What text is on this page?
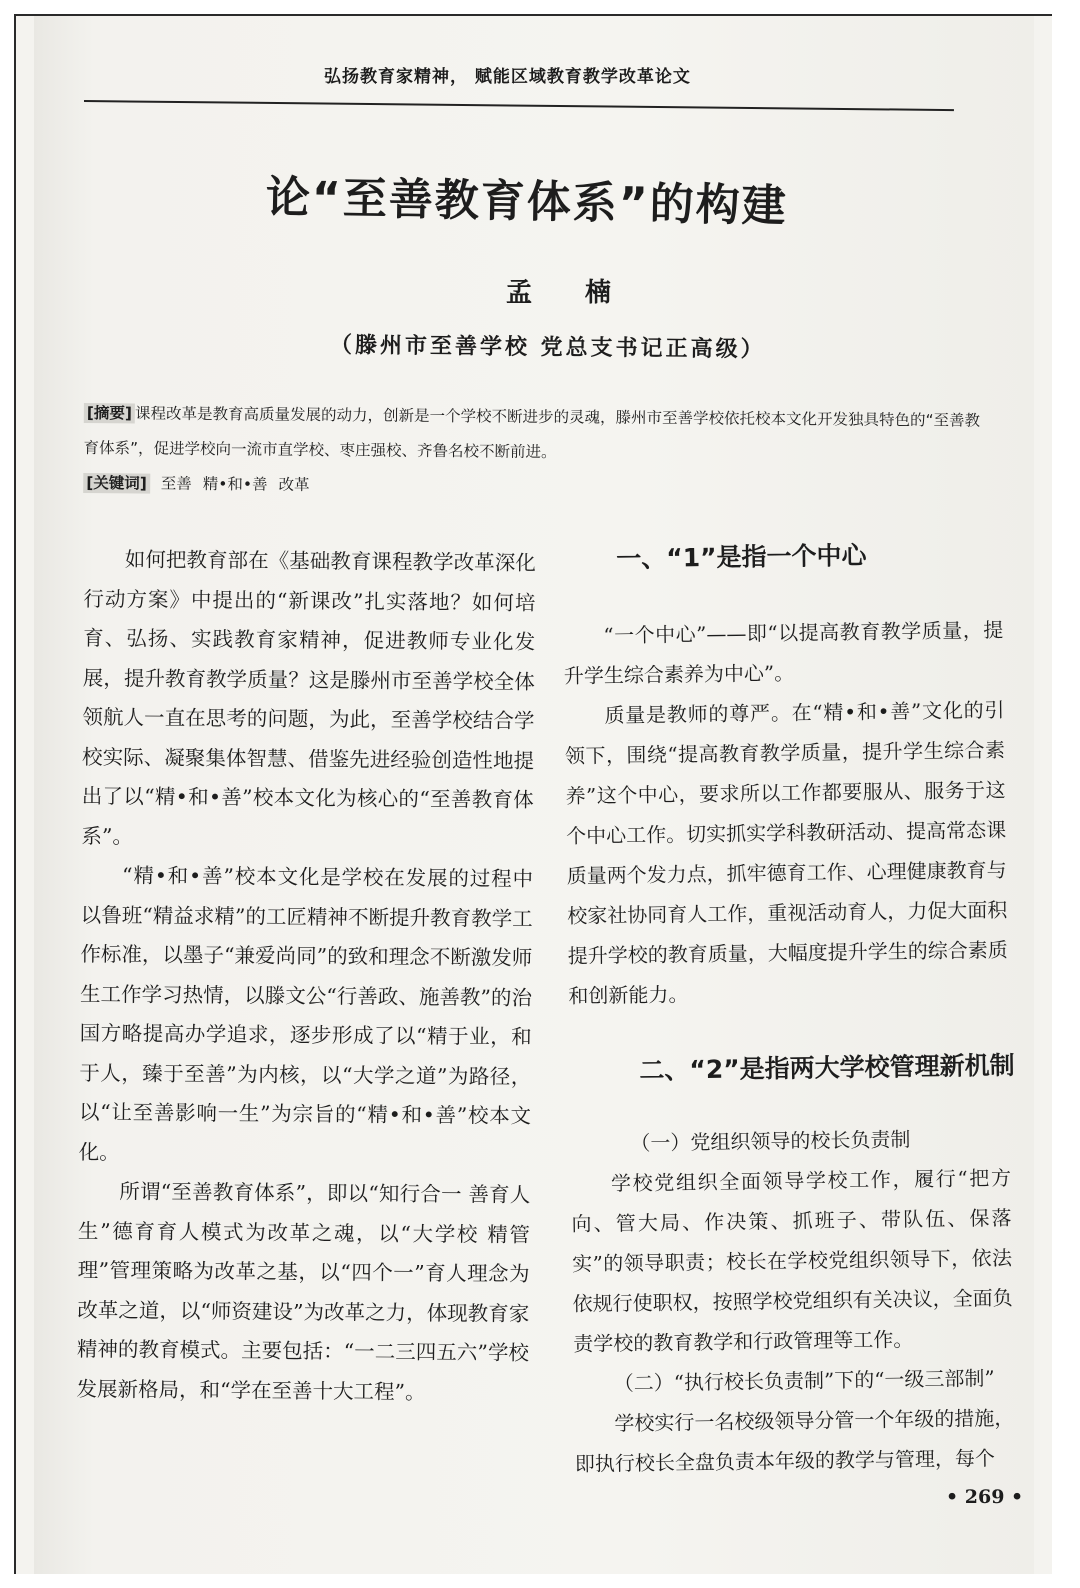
弘扬教育家精神， 赋能区域教育教学改革论文
论“至善教育体系”的构建
孟 楠
（滕州市至善学校 党总支书记正高级）
[摘要] 课程改革是教育高质量发展的动力，创新是一个学校不断进步的灵魂，滕州市至善学校依托校本文化开发独具特色的“至善教育体系”，促进学校向一流市直学校、枣庄强校、齐鲁名校不断前进。
[关键词] 至善 精•和•善 改革

如何把教育部在《基础教育课程教学改革深化行动方案》中提出的“新课改”扎实落地？如何培育、弘扬、实践教育家精神，促进教师专业化发展，提升教育教学质量？这是滕州市至善学校全体领航人一直在思考的问题，为此，至善学校结合学校实际、凝聚集体智慧、借鉴先进经验创造性地提出了以“精•和•善”校本文化为核心的“至善教育体系”。

“精•和•善”校本文化是学校在发展的过程中以鲁班“精益求精”的工匠精神不断提升教育教学工作标准，以墨子“兼爱尚同”的致和理念不断激发师生工作学习热情，以滕文公“行善政、施善教”的治国方略提高办学追求，逐步形成了以“精于业，和于人，臻于至善”为内核，以“大学之道”为路径，以“让至善影响一生”为宗旨的“精•和•善”校本文化。

所谓“至善教育体系”，即以“知行合一 善育人生”德育育人模式为改革之魂，以“大学校 精管理”管理策略为改革之基，以“四个一”育人理念为改革之道，以“师资建设”为改革之力，体现教育家精神的教育模式。主要包括：“一二三四五六”学校发展新格局，和“学在至善十大工程”。

一、“1”是指一个中心

“一个中心”——即“以提高教育教学质量，提升学生综合素养为中心”。

质量是教师的尊严。在“精•和•善”文化的引领下，围绕“提高教育教学质量，提升学生综合素养”这个中心，要求所以工作都要服从、服务于这个中心工作。切实抓实学科教研活动、提高常态课质量两个发力点，抓牢德育工作、心理健康教育与校家社协同育人工作，重视活动育人，力促大面积提升学校的教育质量，大幅度提升学生的综合素质和创新能力。

二、“2”是指两大学校管理新机制

（一）党组织领导的校长负责制

学校党组织全面领导学校工作，履行“把方向、管大局、作决策、抓班子、带队伍、保落实”的领导职责；校长在学校党组织领导下，依法依规行使职权，按照学校党组织有关决议，全面负责学校的教育教学和行政管理等工作。

（二）“执行校长负责制”下的“一级三部制”

学校实行一名校级领导分管一个年级的措施，即执行校长全盘负责本年级的教学与管理，每个

• 269 •
